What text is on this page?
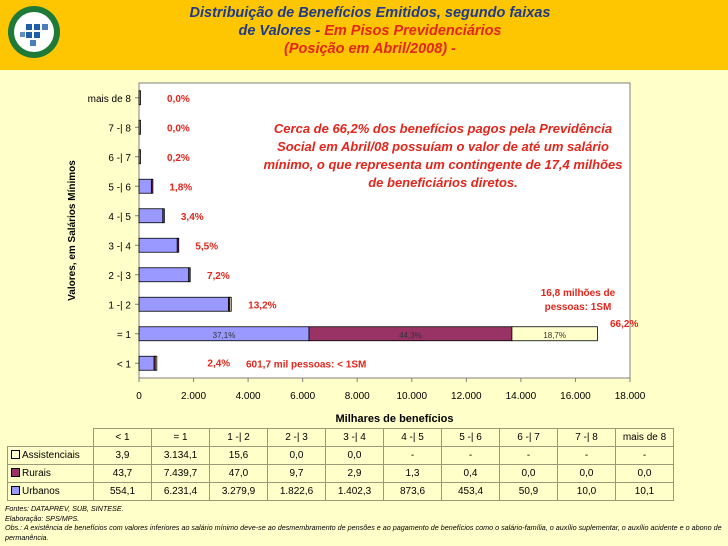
Distribuição de Benefícios Emitidos, segundo faixas
de Valores - Em Pisos Previdenciários
(Posição em Abril/2008) -
0	2.000	4.000	6.000	8.000	10.000 12.000 14.000 16.000 18.000
Milhares de benefícios
Valores, em Salários Mínimos
< 1	2,4%
= 1	37,1%	44,3%	18,7%
1 -| 2	13,2%
2 -| 3	7,2%
3 -| 4	5,5%
4 -| 5	3,4%
5 -| 6	1,8%
6 -| 7	0,2%
7 -| 8	0,0%
mais de 8	0,0%
16,8 milhões de
pessoas: 1SM
66,2%
601,7 mil pessoas: < 1SM
Cerca de 66,2% dos benefícios pagos pela Previdência Social em Abril/08 possuíam o valor de até um salário mínimo, o que representa um contingente de 17,4 milhões de beneficiários diretos.
	< 1	= 1	1 -| 2	2 -| 3	3 -| 4	4 -| 5	5 -| 6	6 -| 7	7 -| 8	mais de 8
Assistenciais	3,9	3.134,1	15,6	0,0	0,0	-	-	-	-	-
Rurais	43,7	7.439,7	47,0	9,7	2,9	1,3	0,4	0,0	0,0	0,0
Urbanos	554,1	6.231,4	3.279,9	1.822,6	1.402,3	873,6	453,4	50,9	10,0	10,1
Fontes: DATAPREV, SUB, SINTESE.
Elaboração: SPS/MPS.
Obs.: A existência de benefícios com valores inferiores ao salário mínimo deve-se ao desmembramento de pensões e ao pagamento de benefícios como o salário-família, o auxílio suplementar, o auxílio acidente e o abono de permanência.
